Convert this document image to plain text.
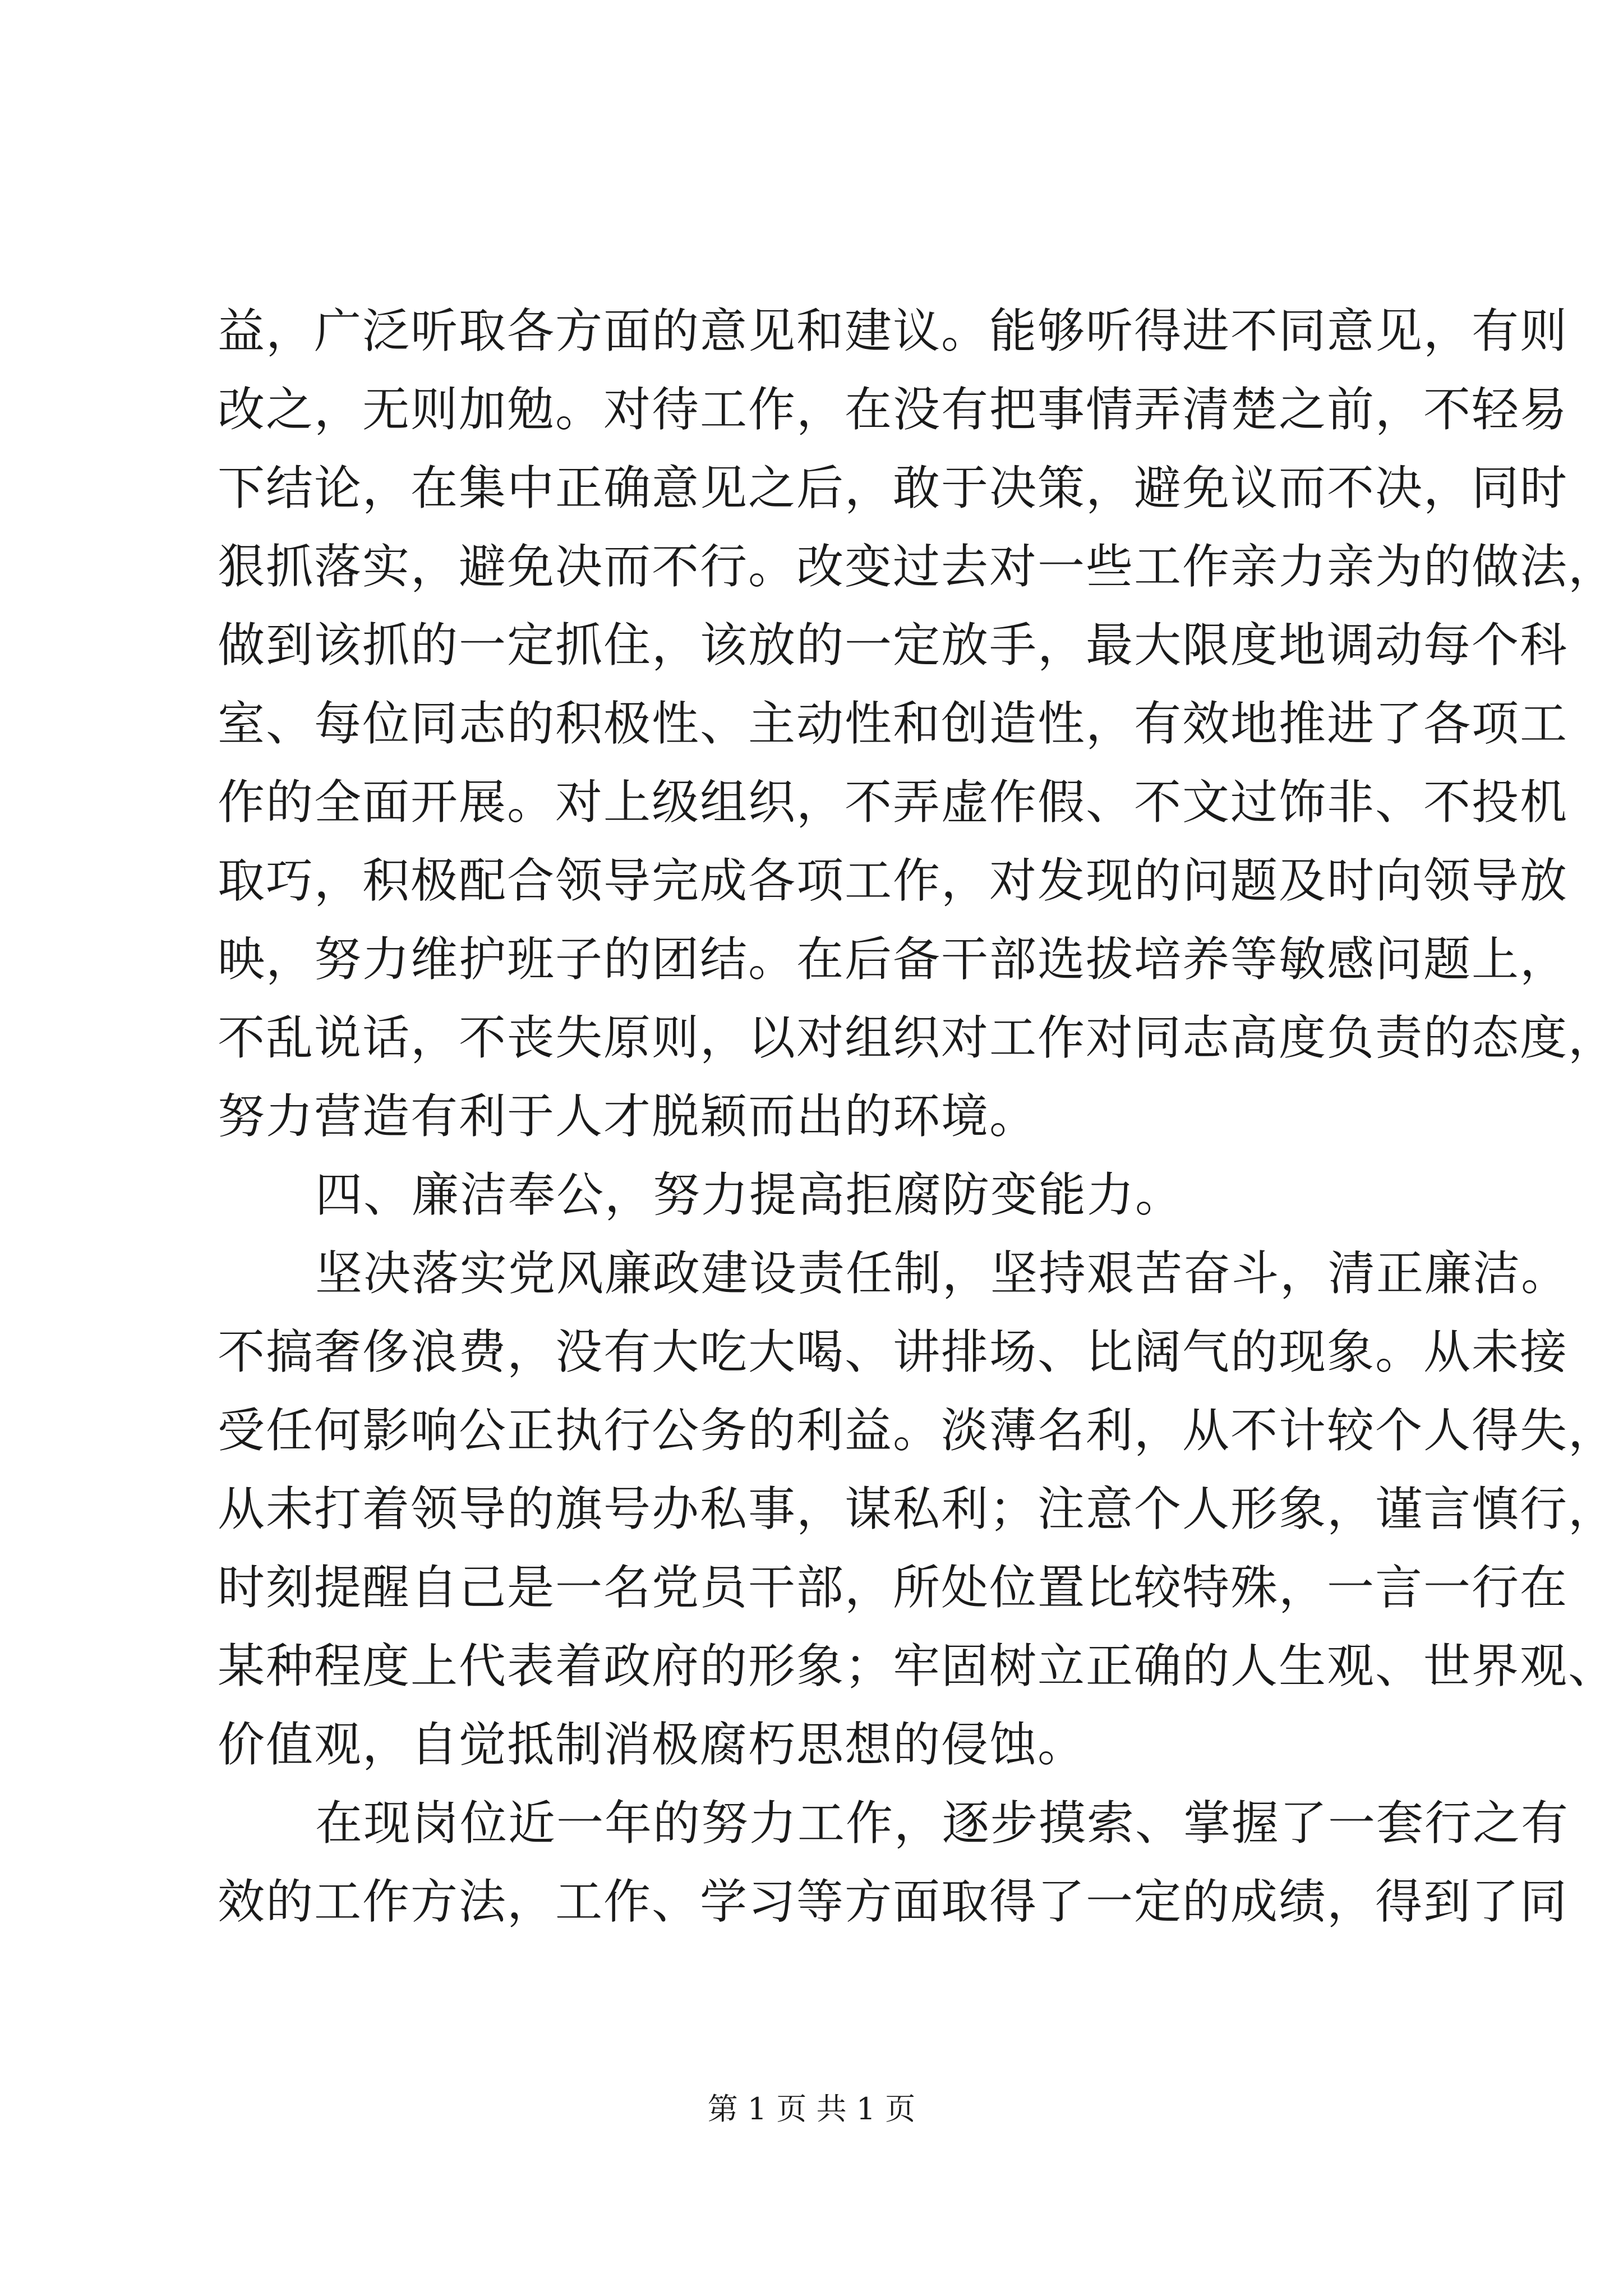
益，广泛听取各方面的意见和建议。能够听得进不同意见，有则
改之，无则加勉。对待工作，在没有把事情弄清楚之前，不轻易
下结论，在集中正确意见之后，敢于决策，避免议而不决，同时
狠抓落实，避免决而不行。改变过去对一些工作亲力亲为的做法，
做到该抓的一定抓住，该放的一定放手，最大限度地调动每个科
室、每位同志的积极性、主动性和创造性，有效地推进了各项工
作的全面开展。对上级组织，不弄虚作假、不文过饰非、不投机
取巧，积极配合领导完成各项工作，对发现的问题及时向领导放
映，努力维护班子的团结。在后备干部选拔培养等敏感问题上，
不乱说话，不丧失原则，以对组织对工作对同志高度负责的态度，
努力营造有利于人才脱颖而出的环境。
四、廉洁奉公，努力提高拒腐防变能力。
坚决落实党风廉政建设责任制，坚持艰苦奋斗，清正廉洁。
不搞奢侈浪费，没有大吃大喝、讲排场、比阔气的现象。从未接
受任何影响公正执行公务的利益。淡薄名利，从不计较个人得失，
从未打着领导的旗号办私事，谋私利；注意个人形象，谨言慎行，
时刻提醒自己是一名党员干部，所处位置比较特殊，一言一行在
某种程度上代表着政府的形象；牢固树立正确的人生观、世界观、
价值观，自觉抵制消极腐朽思想的侵蚀。
在现岗位近一年的努力工作，逐步摸索、掌握了一套行之有
效的工作方法，工作、学习等方面取得了一定的成绩，得到了同
第 1 页 共 1 页
